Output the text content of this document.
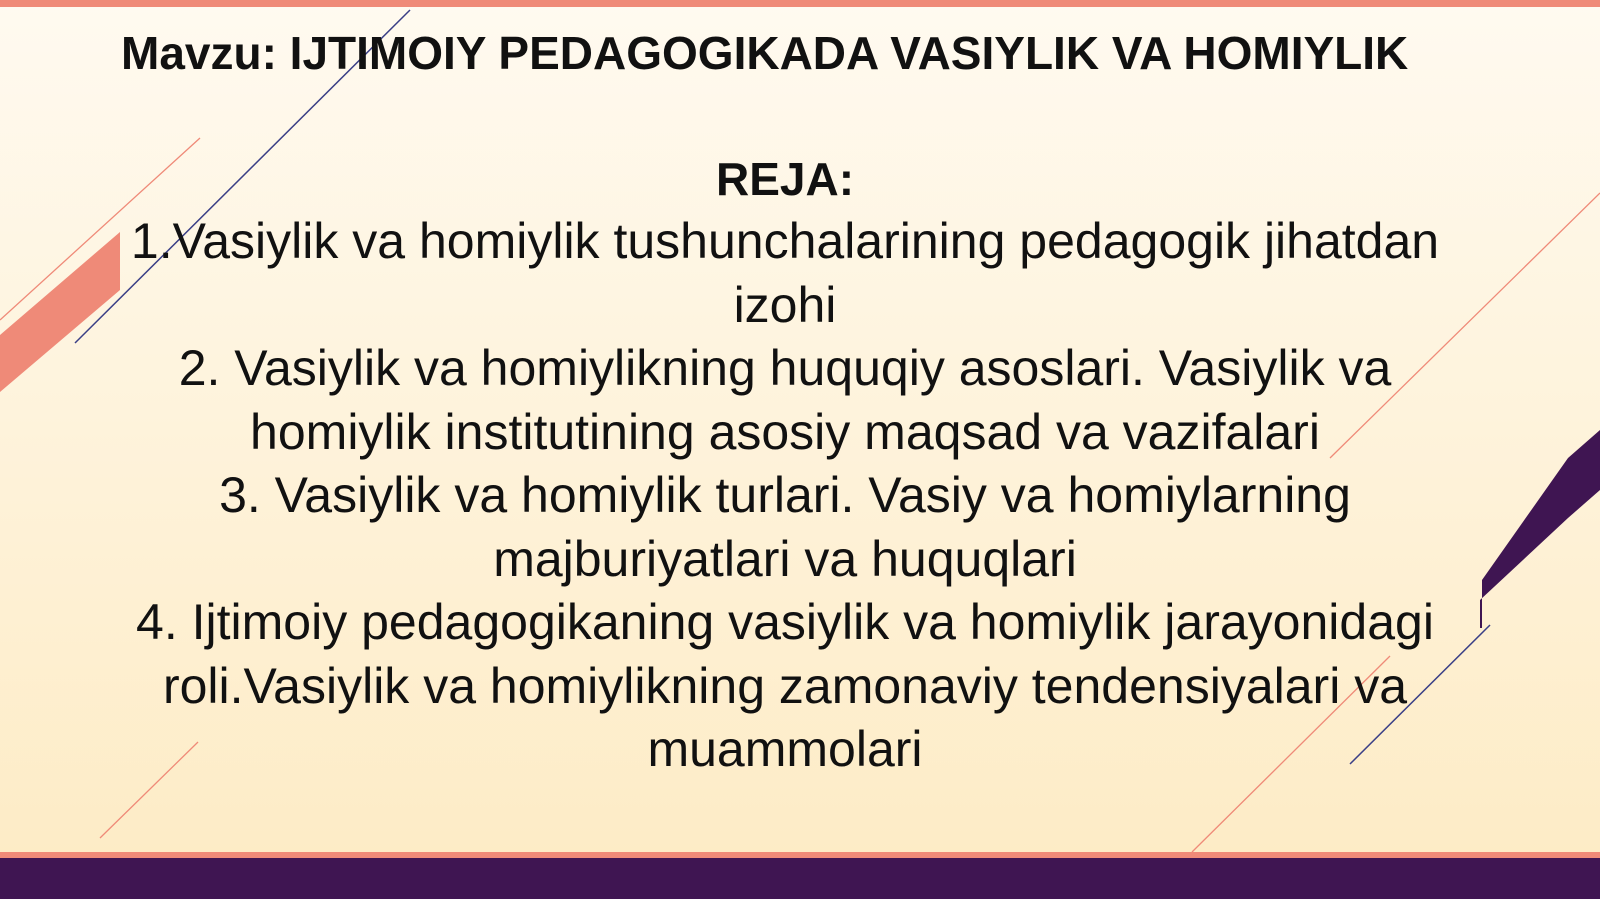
Mavzu: IJTIMOIY PEDAGOGIKADA VASIYLIK VA HOMIYLIK
REJA:
1.Vasiylik va homiylik tushunchalarining pedagogik jihatdan izohi
2. Vasiylik va homiylikning huquqiy asoslari. Vasiylik va homiylik institutining asosiy maqsad va vazifalari
3. Vasiylik va homiylik turlari. Vasiy va homiylarning majburiyatlari va huquqlari
4. Ijtimoiy pedagogikaning vasiylik va homiylik jarayonidagi roli.Vasiylik va homiylikning zamonaviy tendensiyalari va muammolari
